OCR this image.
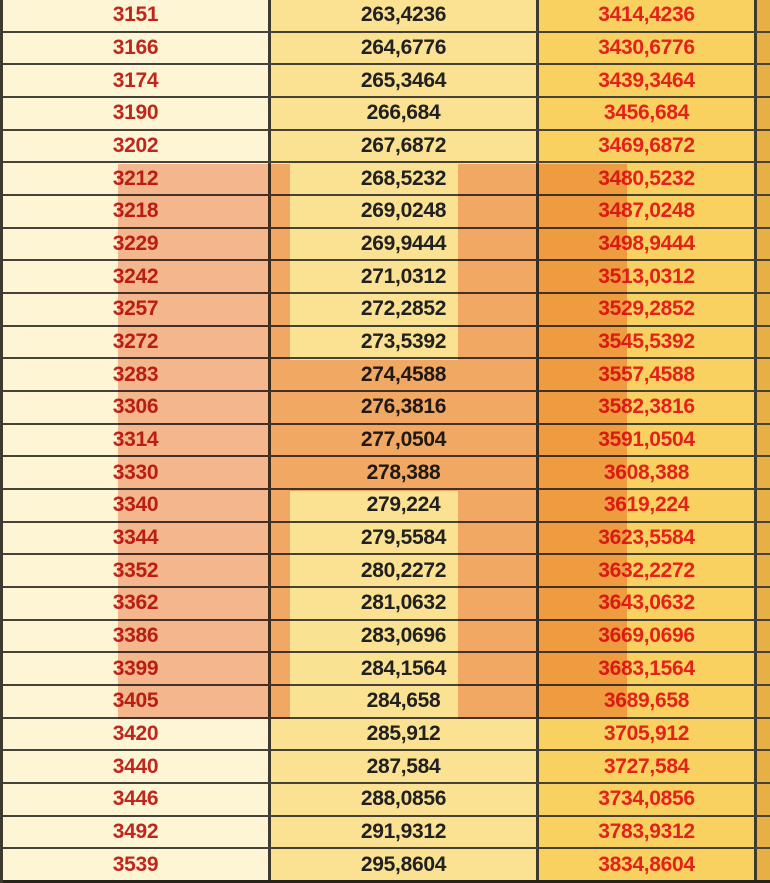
3151	263,4236	3414,4236
3166	264,6776	3430,6776
3174	265,3464	3439,3464
3190	266,684	3456,684
3202	267,6872	3469,6872
3212	268,5232	3480,5232
3218	269,0248	3487,0248
3229	269,9444	3498,9444
3242	271,0312	3513,0312
3257	272,2852	3529,2852
3272	273,5392	3545,5392
3283	274,4588	3557,4588
3306	276,3816	3582,3816
3314	277,0504	3591,0504
3330	278,388	3608,388
3340	279,224	3619,224
3344	279,5584	3623,5584
3352	280,2272	3632,2272
3362	281,0632	3643,0632
3386	283,0696	3669,0696
3399	284,1564	3683,1564
3405	284,658	3689,658
3420	285,912	3705,912
3440	287,584	3727,584
3446	288,0856	3734,0856
3492	291,9312	3783,9312
3539	295,8604	3834,8604
